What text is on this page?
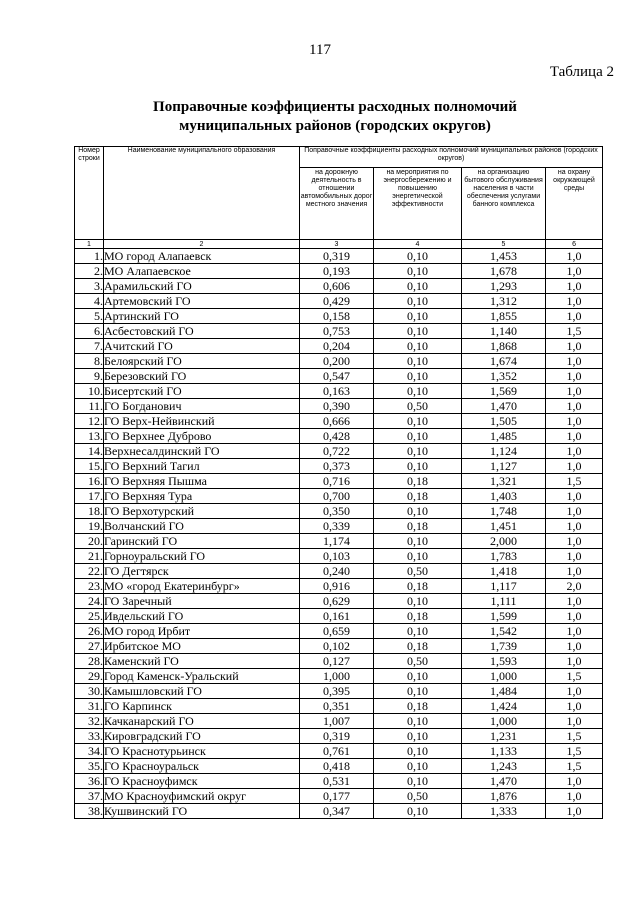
117
Таблица 2
Поправочные коэффициенты расходных полномочий
муниципальных районов (городских округов)
Номер строки	Наименование муниципального образования	Поправочные коэффициенты расходных полномочий муниципальных районов (городских округов)			
		на дорожную деятельность в отношении автомобильных дорог местного значения	на мероприятия по энергосбережению и повышению энергетической эффективности	на организацию бытового обслуживания населения в части обеспечения услугами банного комплекса	на охрану окружающей среды
1	2	3	4	5	6
1.	МО город Алапаевск	0,319	0,10	1,453	1,0
2.	МО Алапаевское	0,193	0,10	1,678	1,0
3.	Арамильский ГО	0,606	0,10	1,293	1,0
4.	Артемовский ГО	0,429	0,10	1,312	1,0
5.	Артинский ГО	0,158	0,10	1,855	1,0
6.	Асбестовский ГО	0,753	0,10	1,140	1,5
7.	Ачитский ГО	0,204	0,10	1,868	1,0
8.	Белоярский ГО	0,200	0,10	1,674	1,0
9.	Березовский ГО	0,547	0,10	1,352	1,0
10.	Бисертский ГО	0,163	0,10	1,569	1,0
11.	ГО Богданович	0,390	0,50	1,470	1,0
12.	ГО Верх-Нейвинский	0,666	0,10	1,505	1,0
13.	ГО Верхнее Дуброво	0,428	0,10	1,485	1,0
14.	Верхнесалдинский ГО	0,722	0,10	1,124	1,0
15.	ГО Верхний Тагил	0,373	0,10	1,127	1,0
16.	ГО Верхняя Пышма	0,716	0,18	1,321	1,5
17.	ГО Верхняя Тура	0,700	0,18	1,403	1,0
18.	ГО Верхотурский	0,350	0,10	1,748	1,0
19.	Волчанский ГО	0,339	0,18	1,451	1,0
20.	Гаринский ГО	1,174	0,10	2,000	1,0
21.	Горноуральский ГО	0,103	0,10	1,783	1,0
22.	ГО Дегтярск	0,240	0,50	1,418	1,0
23.	МО «город Екатеринбург»	0,916	0,18	1,117	2,0
24.	ГО Заречный	0,629	0,10	1,111	1,0
25.	Ивдельский ГО	0,161	0,18	1,599	1,0
26.	МО город Ирбит	0,659	0,10	1,542	1,0
27.	Ирбитское МО	0,102	0,18	1,739	1,0
28.	Каменский ГО	0,127	0,50	1,593	1,0
29.	Город Каменск-Уральский	1,000	0,10	1,000	1,5
30.	Камышловский ГО	0,395	0,10	1,484	1,0
31.	ГО Карпинск	0,351	0,18	1,424	1,0
32.	Качканарский ГО	1,007	0,10	1,000	1,0
33.	Кировградский ГО	0,319	0,10	1,231	1,5
34.	ГО Краснотурьинск	0,761	0,10	1,133	1,5
35.	ГО Красноуральск	0,418	0,10	1,243	1,5
36.	ГО Красноуфимск	0,531	0,10	1,470	1,0
37.	МО Красноуфимский округ	0,177	0,50	1,876	1,0
38.	Кушвинский ГО	0,347	0,10	1,333	1,0
